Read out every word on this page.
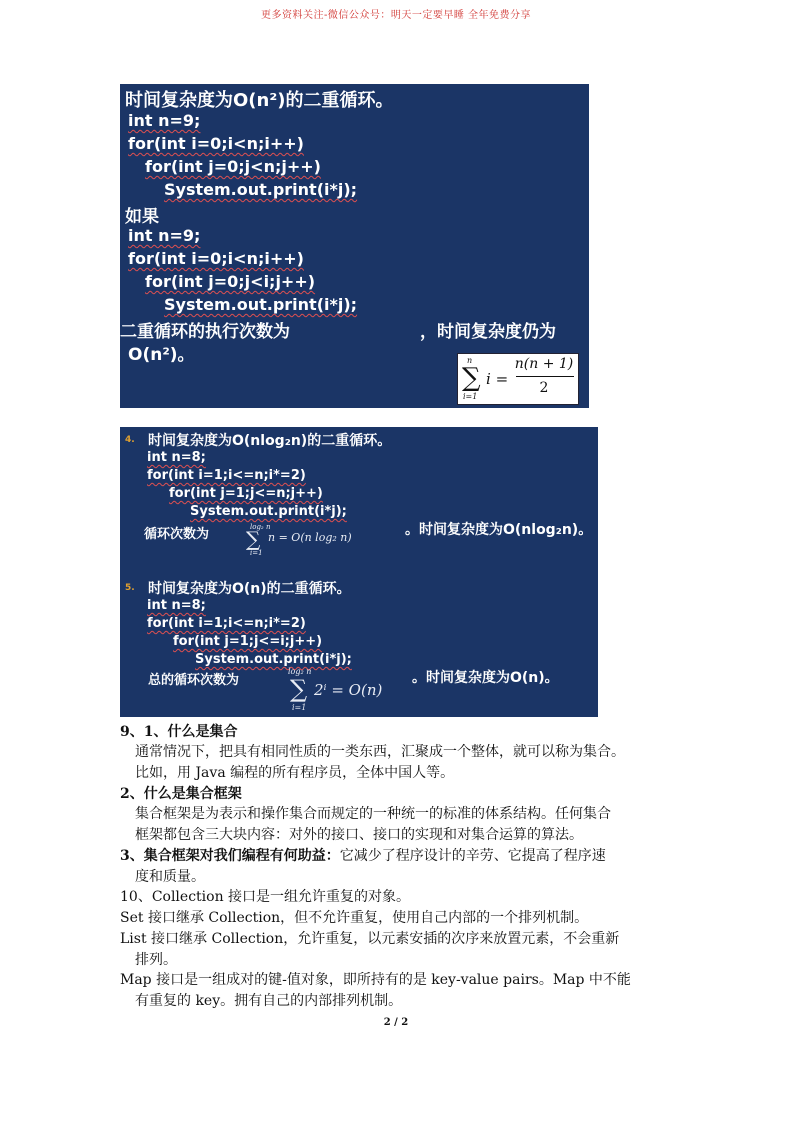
更多资料关注-微信公众号：明天一定要早睡 全年免费分享
时间复杂度为O(n²)的二重循环。
int n=9;
for(int i=0;i<n;i++)
for(int j=0;j<n;j++)
System.out.print(i*j);
如果
int n=9;
for(int i=0;i<n;i++)
for(int j=0;j<i;j++)
System.out.print(i*j);
二重循环的执行次数为	，时间复杂度仍为
O(n²)。	n
∑
i=1
i =
n(n + 1)
2
4. 时间复杂度为O(nlog₂n)的二重循环。
int n=8;
for(int i=1;i<=n;i*=2)
for(int j=1;j<=n;j++)
System.out.print(i*j);
循环次数为	log₂ n
∑
i=1
n = O(n log₂ n)	。时间复杂度为O(nlog₂n)。
5. 时间复杂度为O(n)的二重循环。
int n=8;
for(int i=1;i<=n;i*=2)
for(int j=1;j<=i;j++)
System.out.print(i*j);
总的循环次数为
log₂ n
∑
i=1
2ⁱ = O(n)
。时间复杂度为O(n)。
9、1、什么是集合
通常情况下，把具有相同性质的一类东西，汇聚成一个整体，就可以称为集合。
比如，用 Java 编程的所有程序员，全体中国人等。
2、什么是集合框架
集合框架是为表示和操作集合而规定的一种统一的标准的体系结构。任何集合
框架都包含三大块内容：对外的接口、接口的实现和对集合运算的算法。
3、集合框架对我们编程有何助益：它减少了程序设计的辛劳、它提高了程序速
度和质量。
10、Collection 接口是一组允许重复的对象。
Set 接口继承 Collection，但不允许重复，使用自己内部的一个排列机制。
List 接口继承 Collection，允许重复，以元素安插的次序来放置元素，不会重新
排列。
Map 接口是一组成对的键-值对象，即所持有的是 key-value pairs。Map 中不能
有重复的 key。拥有自己的内部排列机制。
2 / 2
